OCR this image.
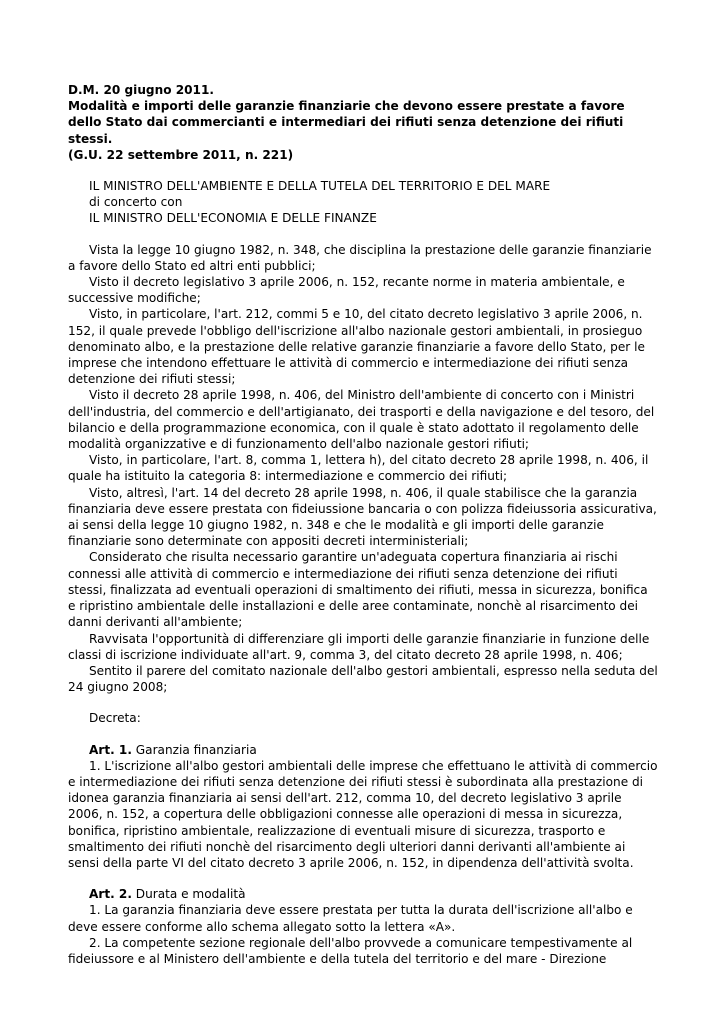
D.M. 20 giugno 2011.
Modalità e importi delle garanzie finanziarie che devono essere prestate a favore dello Stato dai commercianti e intermediari dei rifiuti senza detenzione dei rifiuti stessi.
(G.U. 22 settembre 2011, n. 221)
IL MINISTRO DELL'AMBIENTE E DELLA TUTELA DEL TERRITORIO E DEL MARE
di concerto con
IL MINISTRO DELL'ECONOMIA E DELLE FINANZE

Vista la legge 10 giugno 1982, n. 348, che disciplina la prestazione delle garanzie finanziarie a favore dello Stato ed altri enti pubblici;

Visto il decreto legislativo 3 aprile 2006, n. 152, recante norme in materia ambientale, e successive modifiche;

Visto, in particolare, l'art. 212, commi 5 e 10, del citato decreto legislativo 3 aprile 2006, n. 152, il quale prevede l'obbligo dell'iscrizione all'albo nazionale gestori ambientali, in prosieguo denominato albo, e la prestazione delle relative garanzie finanziarie a favore dello Stato, per le imprese che intendono effettuare le attività di commercio e intermediazione dei rifiuti senza detenzione dei rifiuti stessi;

Visto il decreto 28 aprile 1998, n. 406, del Ministro dell'ambiente di concerto con i Ministri dell'industria, del commercio e dell'artigianato, dei trasporti e della navigazione e del tesoro, del bilancio e della programmazione economica, con il quale è stato adottato il regolamento delle modalità organizzative e di funzionamento dell'albo nazionale gestori rifiuti;

Visto, in particolare, l'art. 8, comma 1, lettera h), del citato decreto 28 aprile 1998, n. 406, il quale ha istituito la categoria 8: intermediazione e commercio dei rifiuti;

Visto, altresì, l'art. 14 del decreto 28 aprile 1998, n. 406, il quale stabilisce che la garanzia finanziaria deve essere prestata con fideiussione bancaria o con polizza fideiussoria assicurativa, ai sensi della legge 10 giugno 1982, n. 348 e che le modalità e gli importi delle garanzie finanziarie sono determinate con appositi decreti interministeriali;

Considerato che risulta necessario garantire un'adeguata copertura finanziaria ai rischi connessi alle attività di commercio e intermediazione dei rifiuti senza detenzione dei rifiuti stessi, finalizzata ad eventuali operazioni di smaltimento dei rifiuti, messa in sicurezza, bonifica e ripristino ambientale delle installazioni e delle aree contaminate, nonchè al risarcimento dei danni derivanti all'ambiente;

Ravvisata l'opportunità di differenziare gli importi delle garanzie finanziarie in funzione delle classi di iscrizione individuate all'art. 9, comma 3, del citato decreto 28 aprile 1998, n. 406;

Sentito il parere del comitato nazionale dell'albo gestori ambientali, espresso nella seduta del 24 giugno 2008;

Decreta:
Art. 1. Garanzia finanziaria

1. L'iscrizione all'albo gestori ambientali delle imprese che effettuano le attività di commercio e intermediazione dei rifiuti senza detenzione dei rifiuti stessi è subordinata alla prestazione di idonea garanzia finanziaria ai sensi dell'art. 212, comma 10, del decreto legislativo 3 aprile 2006, n. 152, a copertura delle obbligazioni connesse alle operazioni di messa in sicurezza, bonifica, ripristino ambientale, realizzazione di eventuali misure di sicurezza, trasporto e smaltimento dei rifiuti nonchè del risarcimento degli ulteriori danni derivanti all'ambiente ai sensi della parte VI del citato decreto 3 aprile 2006, n. 152, in dipendenza dell'attività svolta.

Art. 2. Durata e modalità

1. La garanzia finanziaria deve essere prestata per tutta la durata dell'iscrizione all'albo e deve essere conforme allo schema allegato sotto la lettera «A».

2. La competente sezione regionale dell'albo provvede a comunicare tempestivamente al fideiussore e al Ministero dell'ambiente e della tutela del territorio e del mare - Direzione
